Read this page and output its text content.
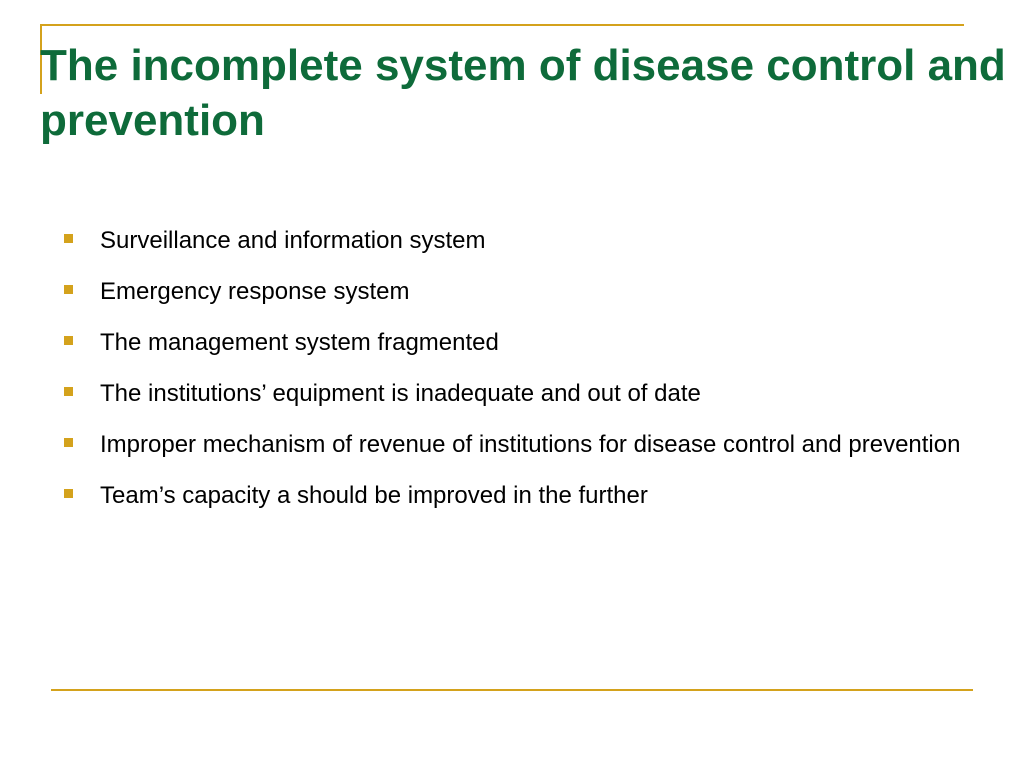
The incomplete system of disease control and prevention
Surveillance and information system
Emergency response system
The management system fragmented
The institutions’ equipment is inadequate and out of date
Improper mechanism of revenue of institutions for disease control and prevention
Team’s capacity a should be improved in the further
